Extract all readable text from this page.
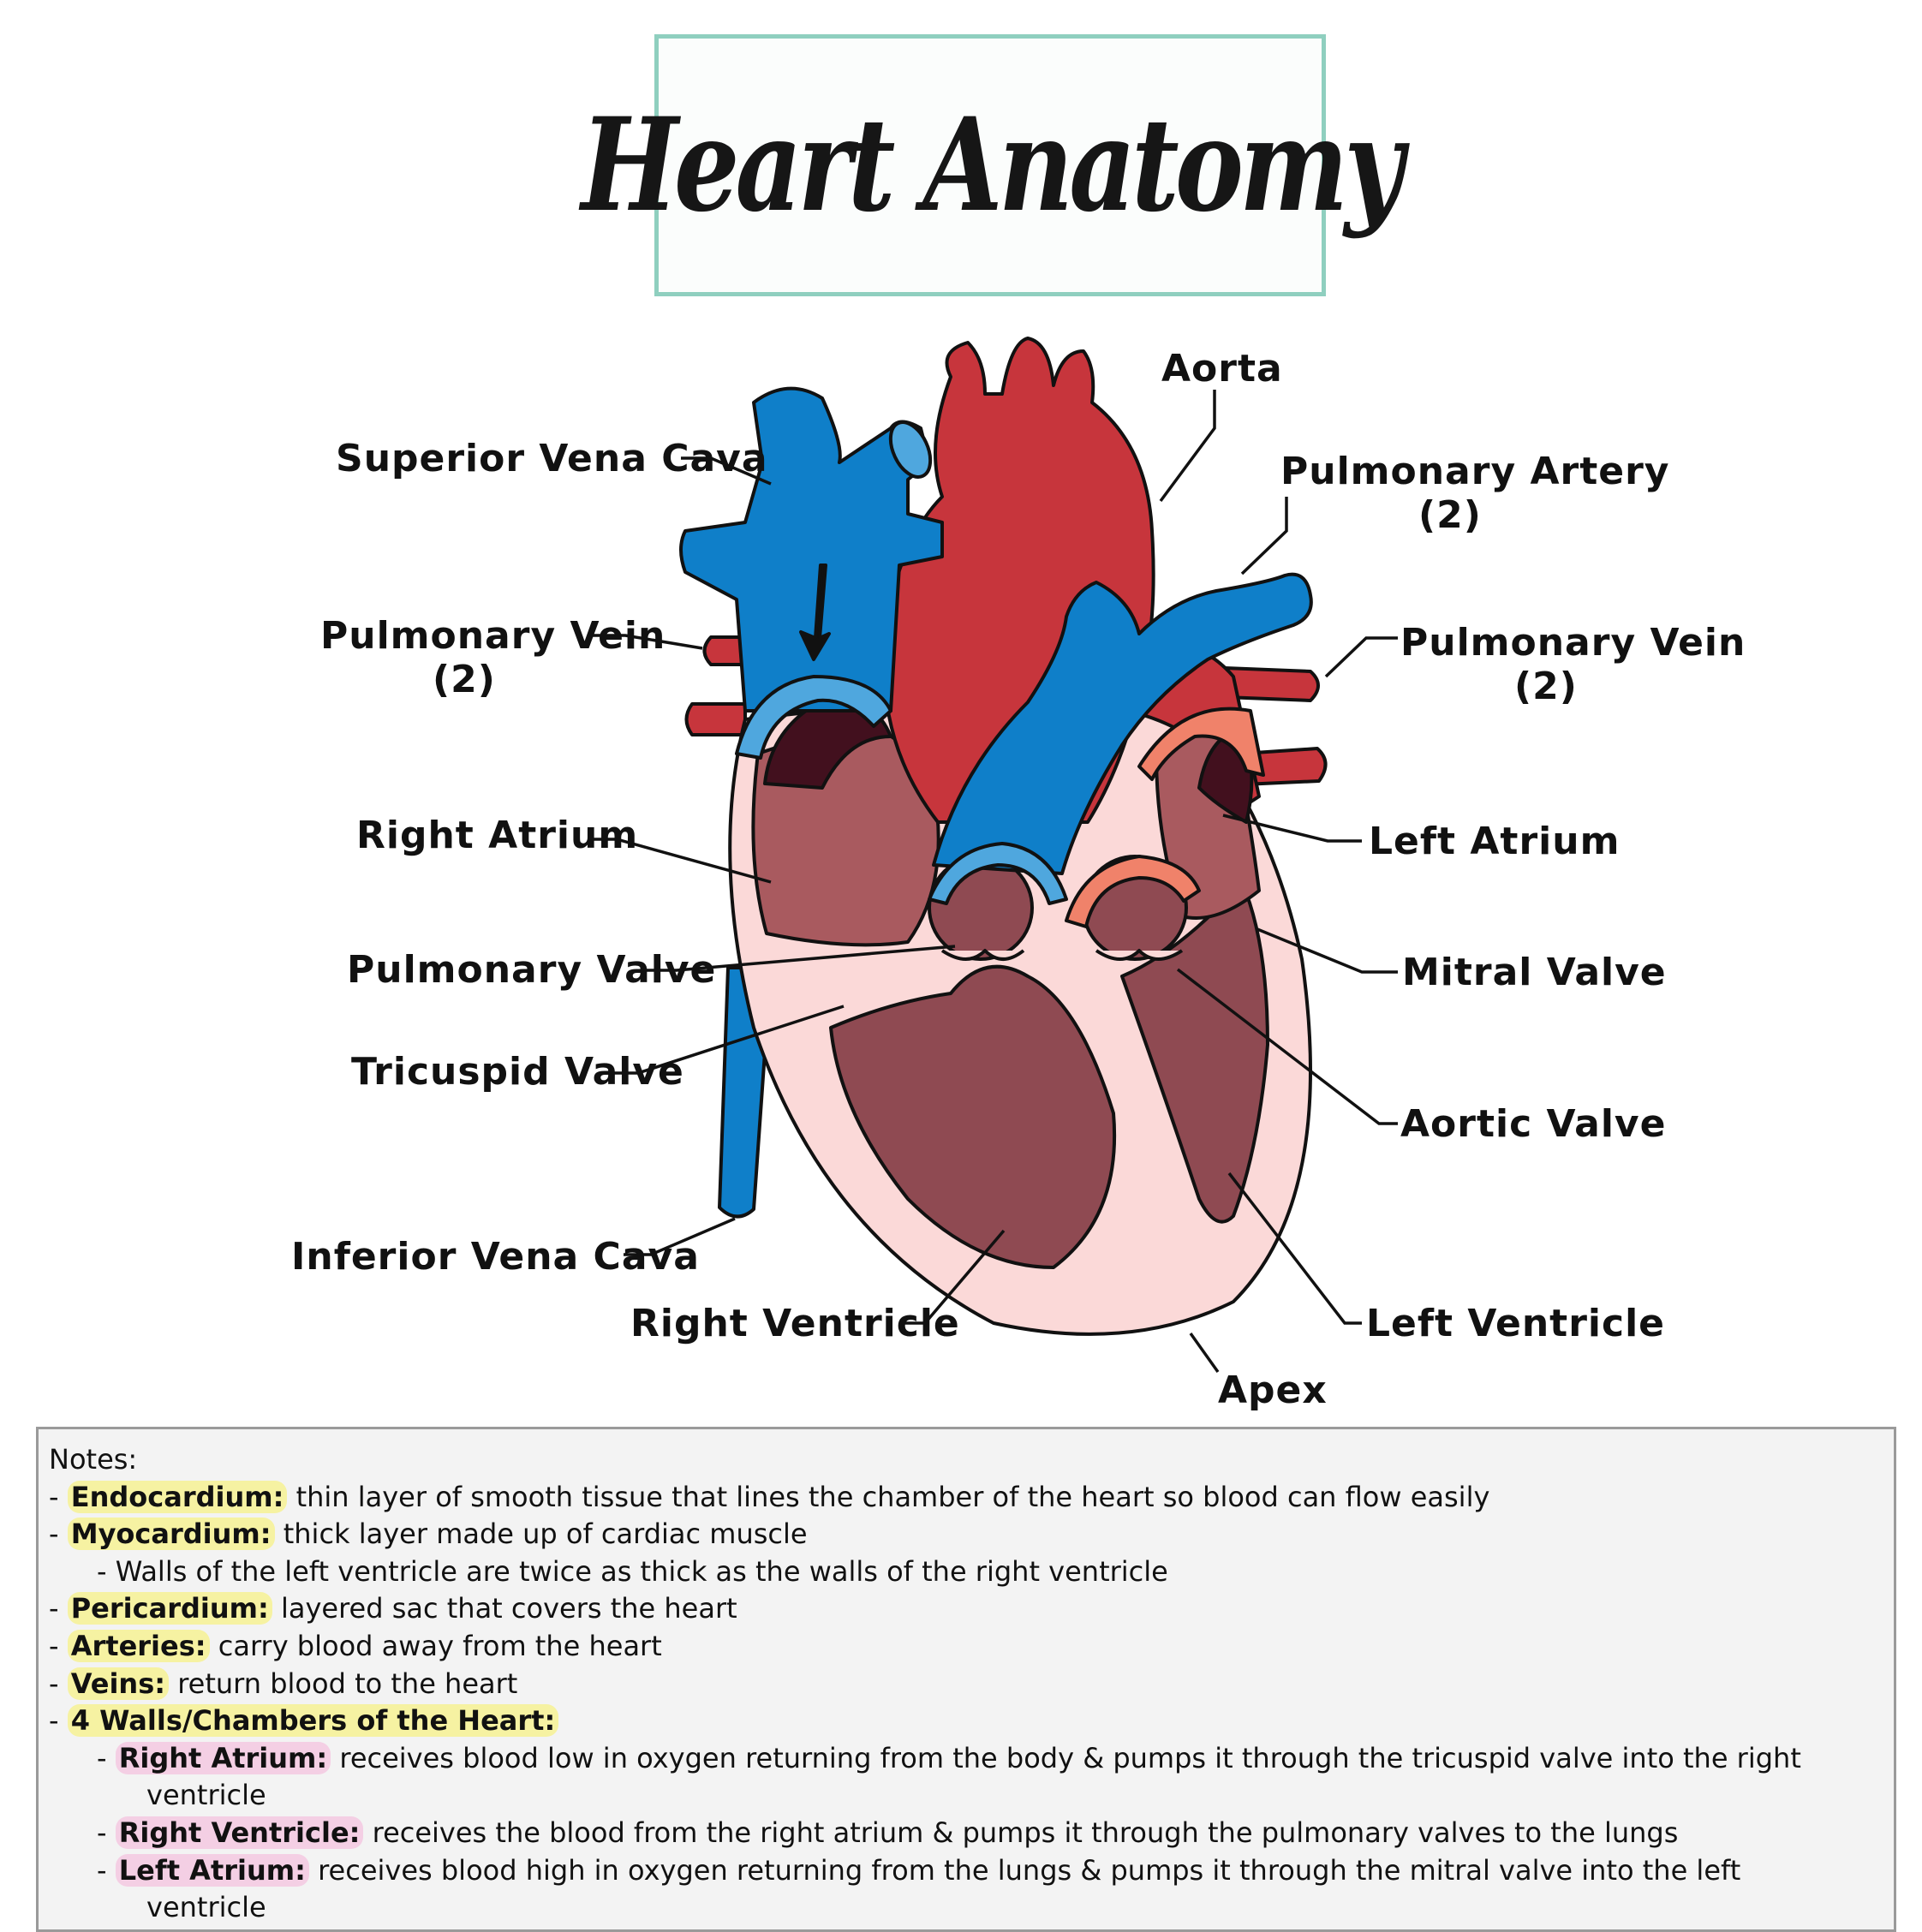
Heart Anatomy
Aorta
Superior Vena Cava	Pulmonary Artery
(2)
Pulmonary Vein
(2)
Pulmonary Vein
(2)
Right Atrium	Left Atrium
Pulmonary Valve	Mitral Valve
Tricuspid Valve
Aortic Valve
Inferior Vena Cava
Right Ventricle	Left Ventricle
Apex
Notes:
- Endocardium: thin layer of smooth tissue that lines the chamber of the heart so blood can flow easily
- Myocardium: thick layer made up of cardiac muscle
- Walls of the left ventricle are twice as thick as the walls of the right ventricle
- Pericardium: layered sac that covers the heart
- Arteries: carry blood away from the heart
- Veins: return blood to the heart
- 4 Walls/Chambers of the Heart:
- Right Atrium: receives blood low in oxygen returning from the body & pumps it through the tricuspid valve into the right
ventricle
- Right Ventricle: receives the blood from the right atrium & pumps it through the pulmonary valves to the lungs
- Left Atrium: receives blood high in oxygen returning from the lungs & pumps it through the mitral valve into the left
ventricle
